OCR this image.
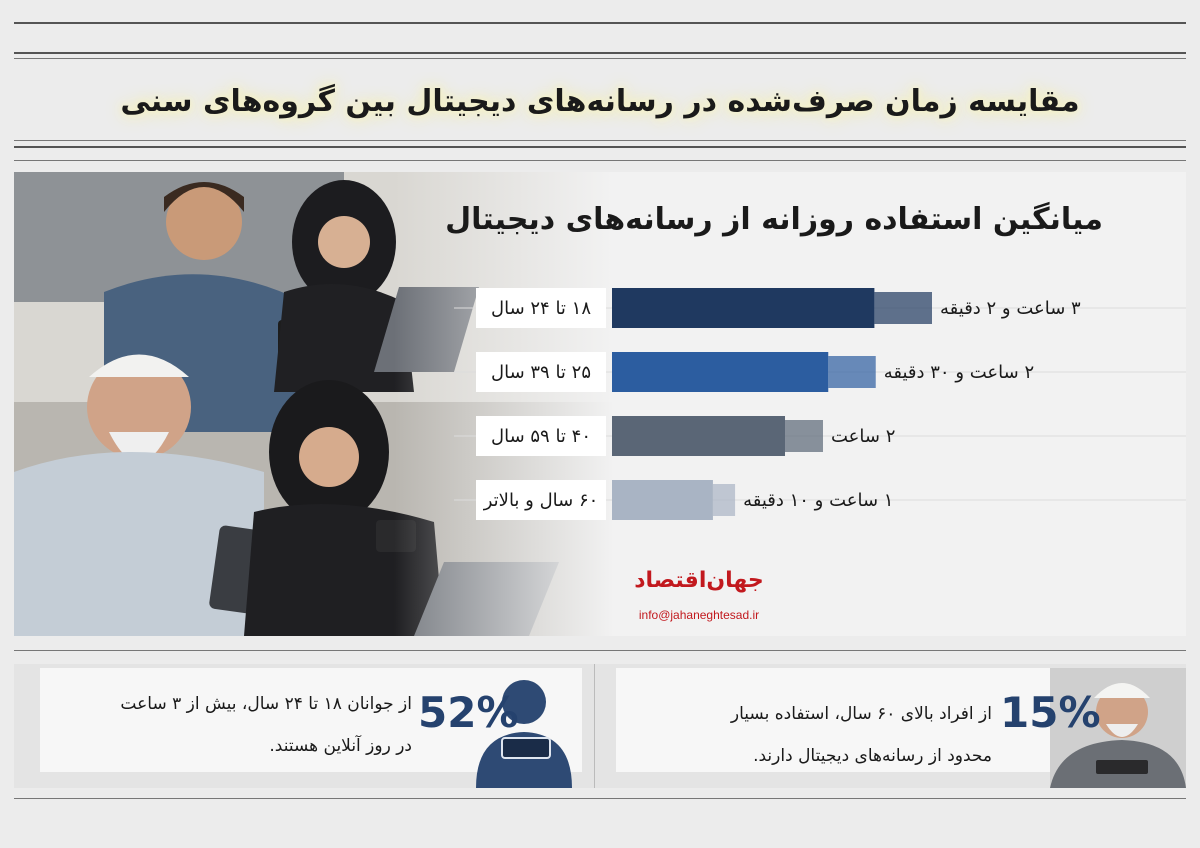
مقایسه زمان صرف‌شده در رسانه‌های دیجیتال بین گروه‌های سنی
میانگین استفاده روزانه از رسانه‌های دیجیتال
۱۸ تا ۲۴ سال	۳ ساعت و ۲ دقیقه
۲۵ تا ۳۹ سال	۲ ساعت و ۳۰ دقیقه
۴۰ تا ۵۹ سال	۲ ساعت
۶۰ سال و بالاتر	۱ ساعت و ۱۰ دقیقه
جهان‌اقتصاد
info@jahaneghtesad.ir
52%
از جوانان ۱۸ تا ۲۴ سال، بیش از ۳ ساعت
در روز آنلاین هستند.
15%
از افراد بالای ۶۰ سال، استفاده بسیار
محدود از رسانه‌های دیجیتال دارند.
